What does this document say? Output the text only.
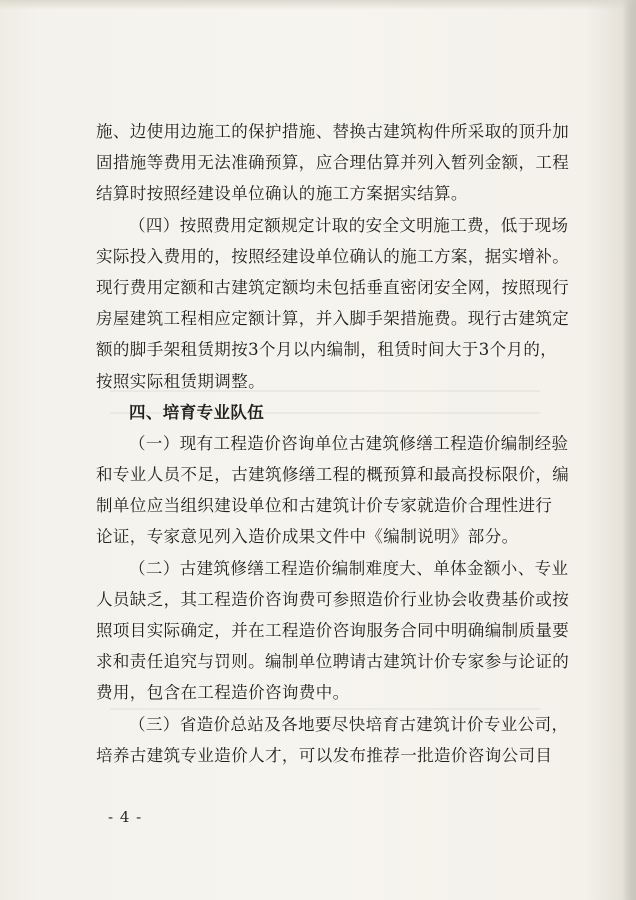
施、边使用边施工的保护措施、替换古建筑构件所采取的顶升加
固措施等费用无法准确预算，应合理估算并列入暂列金额，工程
结算时按照经建设单位确认的施工方案据实结算。
（四）按照费用定额规定计取的安全文明施工费，低于现场
实际投入费用的，按照经建设单位确认的施工方案，据实增补。
现行费用定额和古建筑定额均未包括垂直密闭安全网，按照现行
房屋建筑工程相应定额计算，并入脚手架措施费。现行古建筑定
额的脚手架租赁期按3个月以内编制，租赁时间大于3个月的，
按照实际租赁期调整。
四、培育专业队伍
（一）现有工程造价咨询单位古建筑修缮工程造价编制经验
和专业人员不足，古建筑修缮工程的概预算和最高投标限价，编
制单位应当组织建设单位和古建筑计价专家就造价合理性进行
论证，专家意见列入造价成果文件中《编制说明》部分。
（二）古建筑修缮工程造价编制难度大、单体金额小、专业
人员缺乏，其工程造价咨询费可参照造价行业协会收费基价或按
照项目实际确定，并在工程造价咨询服务合同中明确编制质量要
求和责任追究与罚则。编制单位聘请古建筑计价专家参与论证的
费用，包含在工程造价咨询费中。
（三）省造价总站及各地要尽快培育古建筑计价专业公司，
培养古建筑专业造价人才，可以发布推荐一批造价咨询公司目
- 4 -
